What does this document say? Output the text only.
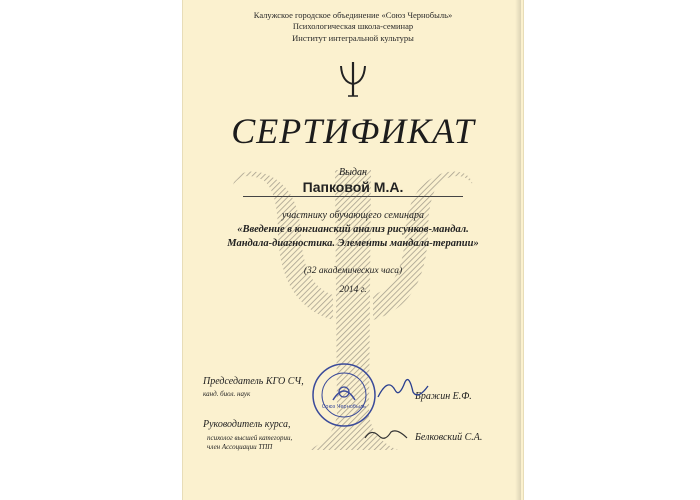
Калужское городское объединение «Союз Чернобыль»
Психологическая школа-семинар
Институт интегральной культуры
СЕРТИФИКАТ
Выдан
Папковой М.А.
участнику обучающего семинара
«Введение в юнгианский анализ рисунков-мандал.
Мандала-диагностика. Элементы мандала-терапии»
(32 академических часа)
2014 г.
Председатель КГО СЧ,
канд. биол. наук	Бражин Е.Ф.
Союз Чернобыль
Руководитель курса,
психолог высшей категории,
член Ассоциации ТПП
Белковский С.А.
